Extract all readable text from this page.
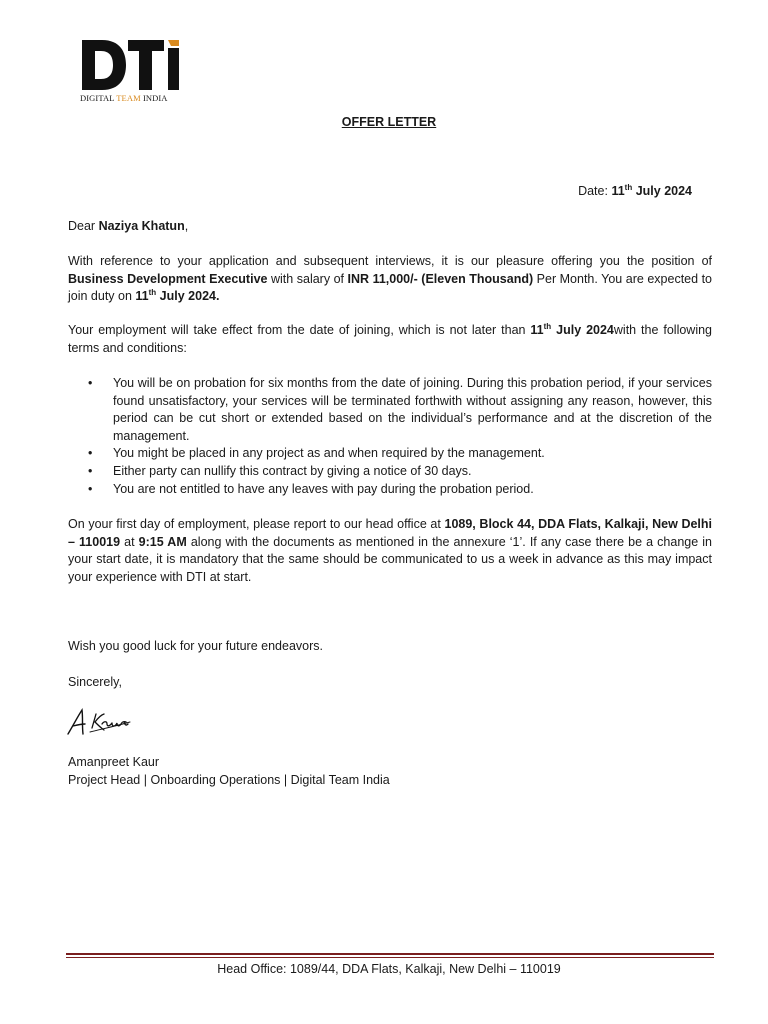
DIGITAL TEAM INDIA
OFFER LETTER
Date: 11th July 2024
Dear Naziya Khatun,
With reference to your application and subsequent interviews, it is our pleasure offering you the position of Business Development Executive with salary of INR 11,000/- (Eleven Thousand) Per Month. You are expected to join duty on 11th July 2024.
Your employment will take effect from the date of joining, which is not later than 11th July 2024with the following terms and conditions:
• You will be on probation for six months from the date of joining. During this probation period, if your services found unsatisfactory, your services will be terminated forthwith without assigning any reason, however, this period can be cut short or extended based on the individual’s performance and at the discretion of the management.
• You might be placed in any project as and when required by the management.
• Either party can nullify this contract by giving a notice of 30 days.
• You are not entitled to have any leaves with pay during the probation period.
On your first day of employment, please report to our head office at 1089, Block 44, DDA Flats, Kalkaji, New Delhi – 110019 at 9:15 AM along with the documents as mentioned in the annexure ‘1’. If any case there be a change in your start date, it is mandatory that the same should be communicated to us a week in advance as this may impact your experience with DTI at start.
Wish you good luck for your future endeavors.
Sincerely,
Amanpreet Kaur
Project Head | Onboarding Operations | Digital Team India
Head Office: 1089/44, DDA Flats, Kalkaji, New Delhi – 110019
